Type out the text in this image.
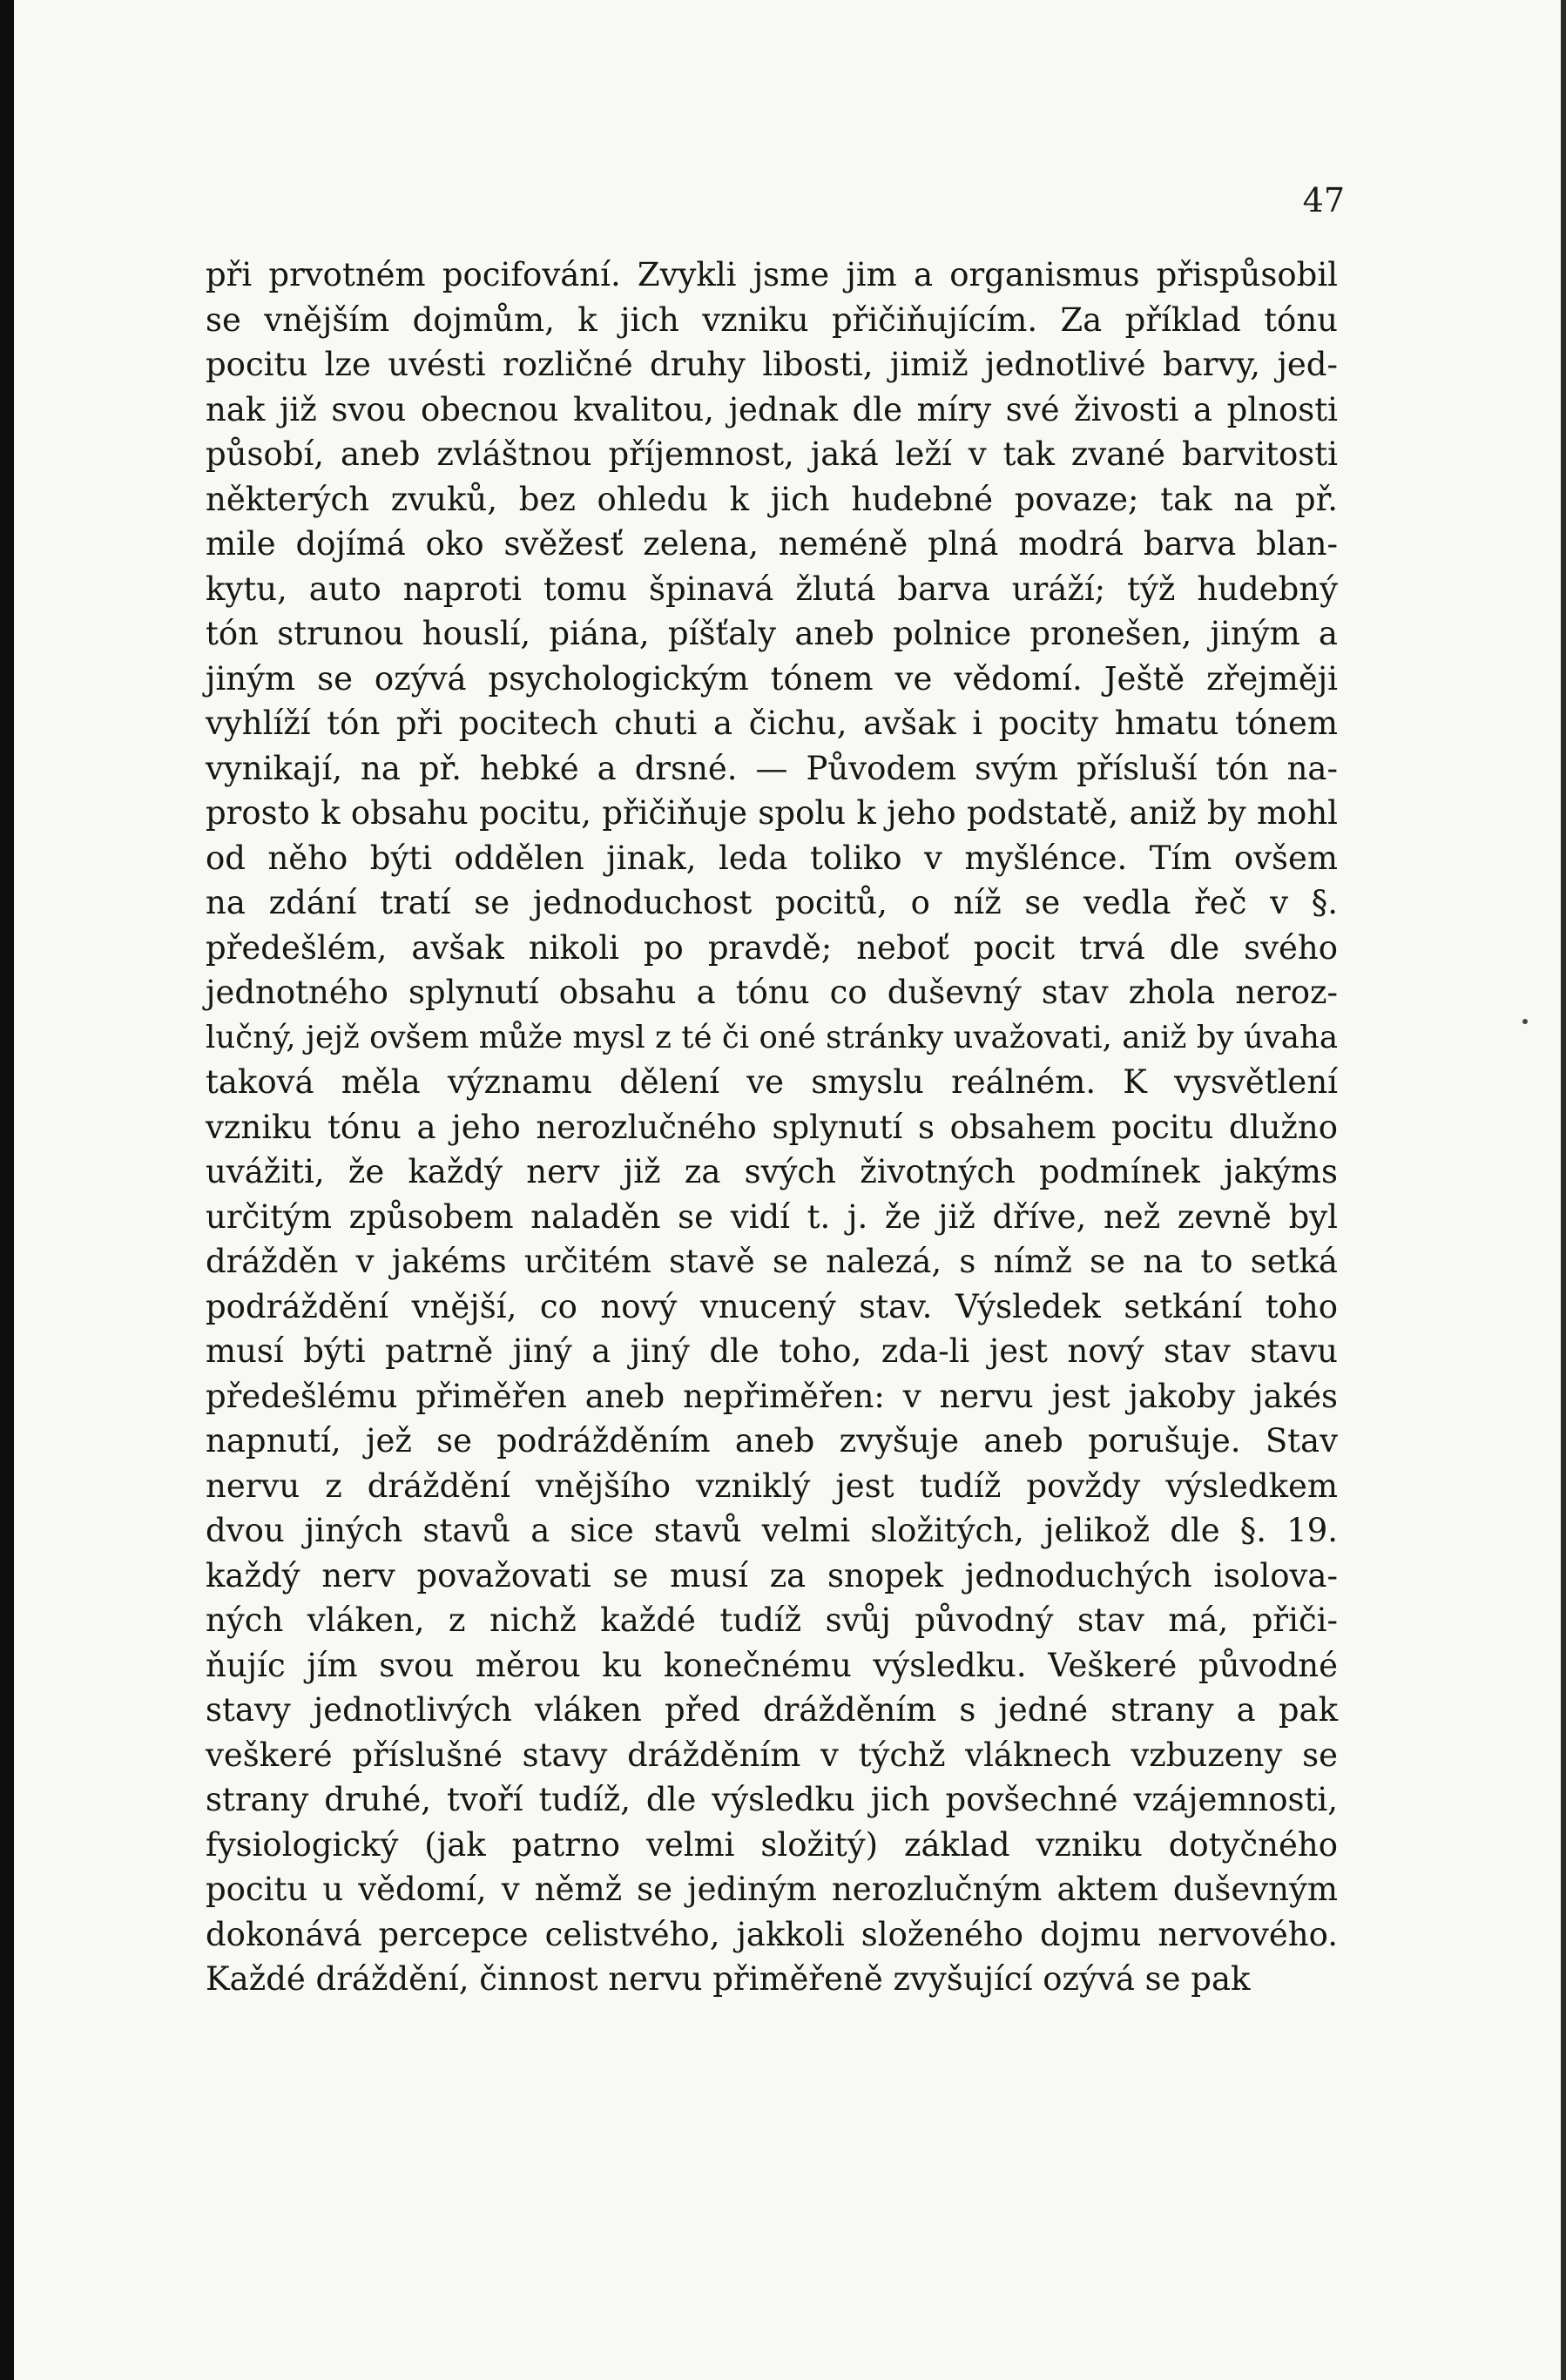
47
při prvotném pocifování. Zvykli jsme jim a organismus přispůsobil
se vnějším dojmům, k jich vzniku přičiňujícím. Za příklad tónu
pocitu lze uvésti rozličné druhy libosti, jimiž jednotlivé barvy, jed-
nak již svou obecnou kvalitou, jednak dle míry své živosti a plnosti
působí, aneb zvláštnou příjemnost, jaká leží v tak zvané barvitosti
některých zvuků, bez ohledu k jich hudebné povaze; tak na př.
mile dojímá oko svěžesť zelena, neméně plná modrá barva blan-
kytu, auto naproti tomu špinavá žlutá barva uráží; týž hudebný
tón strunou houslí, piána, píšťaly aneb polnice pronešen, jiným a
jiným se ozývá psychologickým tónem ve vědomí. Ještě zřejměji
vyhlíží tón při pocitech chuti a čichu, avšak i pocity hmatu tónem
vynikají, na př. hebké a drsné. — Původem svým přísluší tón na-
prosto k obsahu pocitu, přičiňuje spolu k jeho podstatě, aniž by mohl
od něho býti oddělen jinak, leda toliko v myšlénce. Tím ovšem
na zdání tratí se jednoduchost pocitů, o níž se vedla řeč v §.
předešlém, avšak nikoli po pravdě; neboť pocit trvá dle svého
jednotného splynutí obsahu a tónu co duševný stav zhola neroz-
lučný, jejž ovšem může mysl z té či oné stránky uvažovati, aniž by úvaha
taková měla významu dělení ve smyslu reálném. K vysvětlení
vzniku tónu a jeho nerozlučného splynutí s obsahem pocitu dlužno
uvážiti, že každý nerv již za svých životných podmínek jakýms
určitým způsobem naladěn se vidí t. j. že již dříve, než zevně byl
drážděn v jakéms určitém stavě se nalezá, s nímž se na to setká
podráždění vnější, co nový vnucený stav. Výsledek setkání toho
musí býti patrně jiný a jiný dle toho, zda-li jest nový stav stavu
předešlému přiměřen aneb nepřiměřen: v nervu jest jakoby jakés
napnutí, jež se podrážděním aneb zvyšuje aneb porušuje. Stav
nervu z dráždění vnějšího vzniklý jest tudíž povždy výsledkem
dvou jiných stavů a sice stavů velmi složitých, jelikož dle §. 19.
každý nerv považovati se musí za snopek jednoduchých isolova-
ných vláken, z nichž každé tudíž svůj původný stav má, přiči-
ňujíc jím svou měrou ku konečnému výsledku. Veškeré původné
stavy jednotlivých vláken před drážděním s jedné strany a pak
veškeré příslušné stavy drážděním v týchž vláknech vzbuzeny se
strany druhé, tvoří tudíž, dle výsledku jich povšechné vzájemnosti,
fysiologický (jak patrno velmi složitý) základ vzniku dotyčného
pocitu u vědomí, v němž se jediným nerozlučným aktem duševným
dokonává percepce celistvého, jakkoli složeného dojmu nervového.
Každé dráždění, činnost nervu přiměřeně zvyšující ozývá se pak
